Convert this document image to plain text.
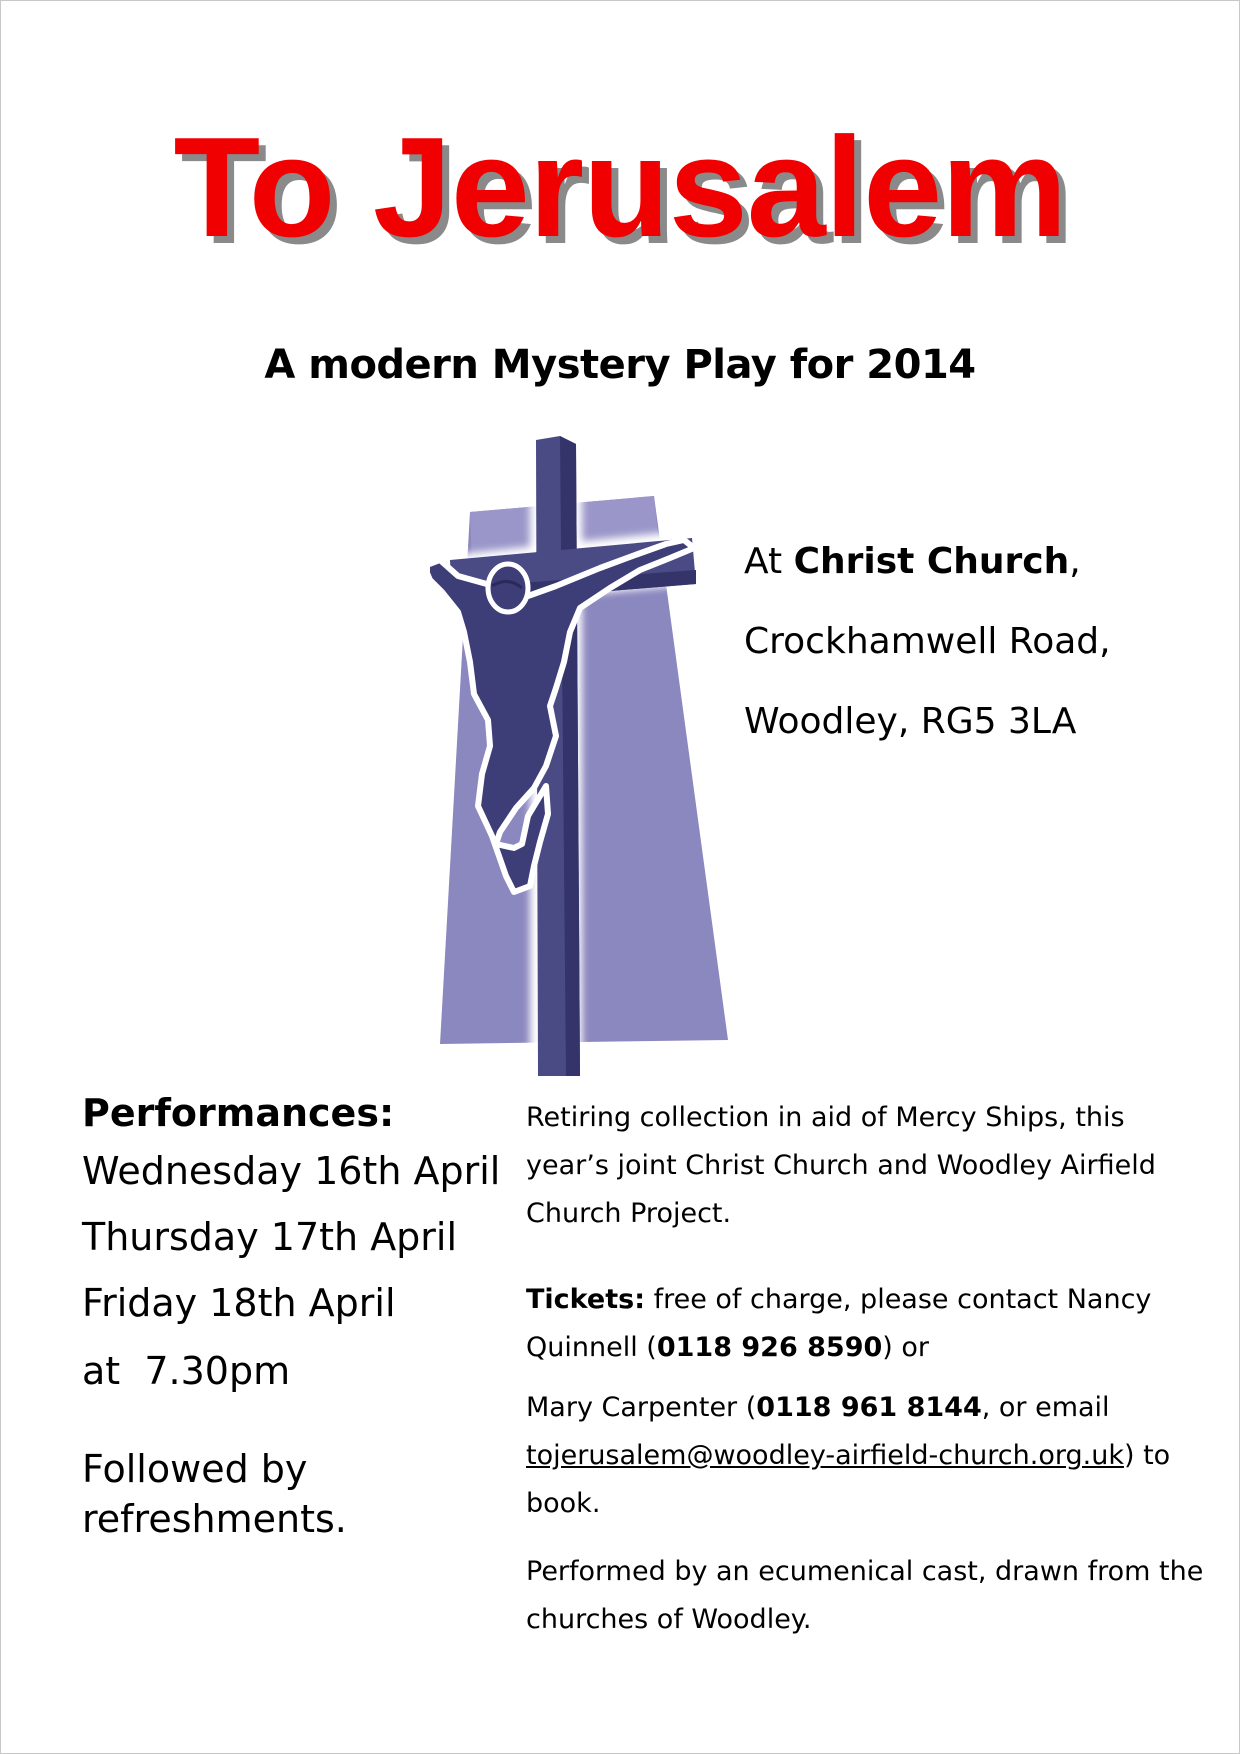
To Jerusalem
A modern Mystery Play for 2014
At Christ Church,
Crockhamwell Road,
Woodley, RG5 3LA
Performances:
Wednesday 16th April
Thursday 17th April
Friday 18th April
at  7.30pm
Followed by refreshments.

Retiring collection in aid of Mercy Ships, this year’s joint Christ Church and Woodley Airfield Church Project.

Tickets: free of charge, please contact Nancy Quinnell (0118 926 8590) or

Mary Carpenter (0118 961 8144, or email tojerusalem@woodley-airfield-church.org.uk) to book.

Performed by an ecumenical cast, drawn from the churches of Woodley.
